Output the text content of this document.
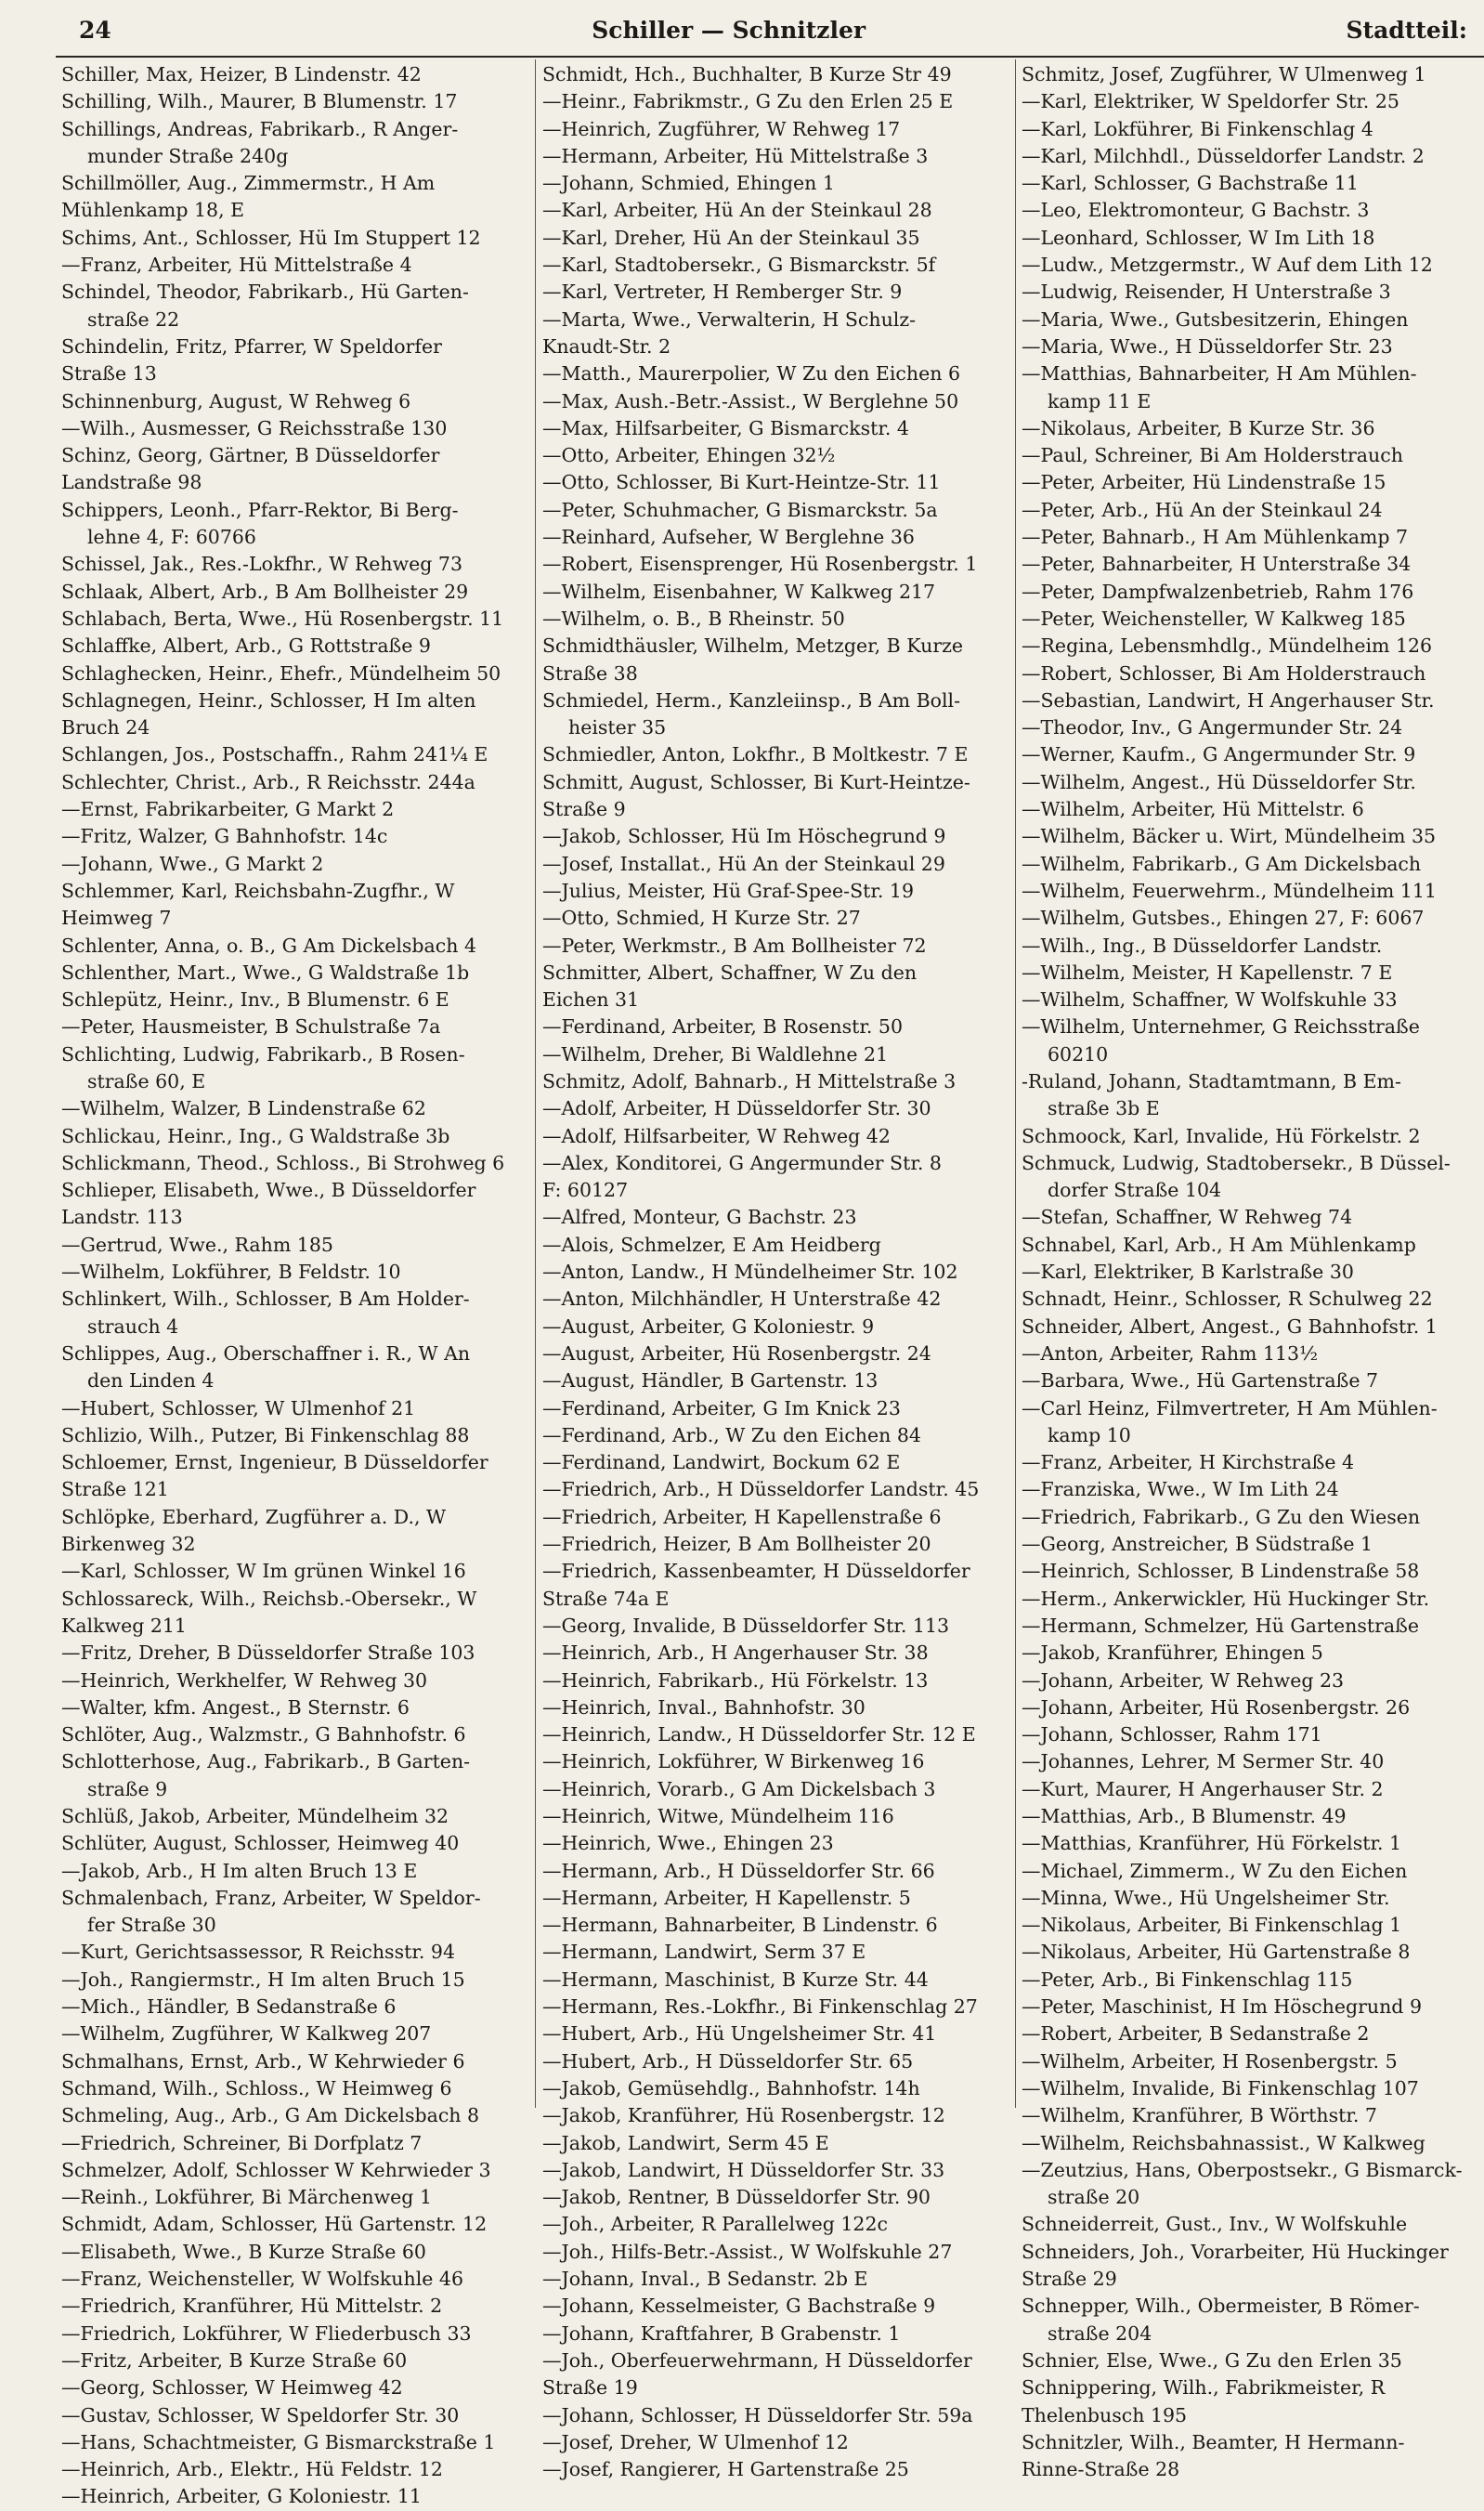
24	Schiller — Schnitzler	Stadtteil:
Schiller, Max, Heizer, B Lindenstr. 42
Schilling, Wilh., Maurer, B Blumenstr. 17
Schillings, Andreas, Fabrikarb., R Anger-
munder Straße 240g
Schillmöller, Aug., Zimmermstr., H Am
Mühlenkamp 18, E
Schims, Ant., Schlosser, Hü Im Stuppert 12
—Franz, Arbeiter, Hü Mittelstraße 4
Schindel, Theodor, Fabrikarb., Hü Garten-
straße 22
Schindelin, Fritz, Pfarrer, W Speldorfer
Straße 13
Schinnenburg, August, W Rehweg 6
—Wilh., Ausmesser, G Reichsstraße 130
Schinz, Georg, Gärtner, B Düsseldorfer
Landstraße 98
Schippers, Leonh., Pfarr-Rektor, Bi Berg-
lehne 4, F: 60766
Schissel, Jak., Res.-Lokfhr., W Rehweg 73
Schlaak, Albert, Arb., B Am Bollheister 29
Schlabach, Berta, Wwe., Hü Rosenbergstr. 11
Schlaffke, Albert, Arb., G Rottstraße 9
Schlaghecken, Heinr., Ehefr., Mündelheim 50
Schlagnegen, Heinr., Schlosser, H Im alten
Bruch 24
Schlangen, Jos., Postschaffn., Rahm 241¼ E
Schlechter, Christ., Arb., R Reichsstr. 244a
—Ernst, Fabrikarbeiter, G Markt 2
—Fritz, Walzer, G Bahnhofstr. 14c
—Johann, Wwe., G Markt 2
Schlemmer, Karl, Reichsbahn-Zugfhr., W
Heimweg 7
Schlenter, Anna, o. B., G Am Dickelsbach 4
Schlenther, Mart., Wwe., G Waldstraße 1b
Schlepütz, Heinr., Inv., B Blumenstr. 6 E
—Peter, Hausmeister, B Schulstraße 7a
Schlichting, Ludwig, Fabrikarb., B Rosen-
straße 60, E
—Wilhelm, Walzer, B Lindenstraße 62
Schlickau, Heinr., Ing., G Waldstraße 3b
Schlickmann, Theod., Schloss., Bi Strohweg 6
Schlieper, Elisabeth, Wwe., B Düsseldorfer
Landstr. 113
—Gertrud, Wwe., Rahm 185
—Wilhelm, Lokführer, B Feldstr. 10
Schlinkert, Wilh., Schlosser, B Am Holder-
strauch 4
Schlippes, Aug., Oberschaffner i. R., W An
den Linden 4
—Hubert, Schlosser, W Ulmenhof 21
Schlizio, Wilh., Putzer, Bi Finkenschlag 88
Schloemer, Ernst, Ingenieur, B Düsseldorfer
Straße 121
Schlöpke, Eberhard, Zugführer a. D., W
Birkenweg 32
—Karl, Schlosser, W Im grünen Winkel 16
Schlossareck, Wilh., Reichsb.-Obersekr., W
Kalkweg 211
—Fritz, Dreher, B Düsseldorfer Straße 103
—Heinrich, Werkhelfer, W Rehweg 30
—Walter, kfm. Angest., B Sternstr. 6
Schlöter, Aug., Walzmstr., G Bahnhofstr. 6
Schlotterhose, Aug., Fabrikarb., B Garten-
straße 9
Schlüß, Jakob, Arbeiter, Mündelheim 32
Schlüter, August, Schlosser, Heimweg 40
—Jakob, Arb., H Im alten Bruch 13 E
Schmalenbach, Franz, Arbeiter, W Speldor-
fer Straße 30
—Kurt, Gerichtsassessor, R Reichsstr. 94
—Joh., Rangiermstr., H Im alten Bruch 15
—Mich., Händler, B Sedanstraße 6
—Wilhelm, Zugführer, W Kalkweg 207
Schmalhans, Ernst, Arb., W Kehrwieder 6
Schmand, Wilh., Schloss., W Heimweg 6
Schmeling, Aug., Arb., G Am Dickelsbach 8
—Friedrich, Schreiner, Bi Dorfplatz 7
Schmelzer, Adolf, Schlosser W Kehrwieder 3
—Reinh., Lokführer, Bi Märchenweg 1
Schmidt, Adam, Schlosser, Hü Gartenstr. 12
—Elisabeth, Wwe., B Kurze Straße 60
—Franz, Weichensteller, W Wolfskuhle 46
—Friedrich, Kranführer, Hü Mittelstr. 2
—Friedrich, Lokführer, W Fliederbusch 33
—Fritz, Arbeiter, B Kurze Straße 60
—Georg, Schlosser, W Heimweg 42
—Gustav, Schlosser, W Speldorfer Str. 30
—Hans, Schachtmeister, G Bismarckstraße 1
—Heinrich, Arb., Elektr., Hü Feldstr. 12
—Heinrich, Arbeiter, G Koloniestr. 11
Schmidt, Hch., Buchhalter, B Kurze Str 49
—Heinr., Fabrikmstr., G Zu den Erlen 25 E
—Heinrich, Zugführer, W Rehweg 17
—Hermann, Arbeiter, Hü Mittelstraße 3
—Johann, Schmied, Ehingen 1
—Karl, Arbeiter, Hü An der Steinkaul 28
—Karl, Dreher, Hü An der Steinkaul 35
—Karl, Stadtobersekr., G Bismarckstr. 5f
—Karl, Vertreter, H Remberger Str. 9
—Marta, Wwe., Verwalterin, H Schulz-
Knaudt-Str. 2
—Matth., Maurerpolier, W Zu den Eichen 6
—Max, Aush.-Betr.-Assist., W Berglehne 50
—Max, Hilfsarbeiter, G Bismarckstr. 4
—Otto, Arbeiter, Ehingen 32½
—Otto, Schlosser, Bi Kurt-Heintze-Str. 11
—Peter, Schuhmacher, G Bismarckstr. 5a
—Reinhard, Aufseher, W Berglehne 36
—Robert, Eisensprenger, Hü Rosenbergstr. 1
—Wilhelm, Eisenbahner, W Kalkweg 217
—Wilhelm, o. B., B Rheinstr. 50
Schmidthäusler, Wilhelm, Metzger, B Kurze
Straße 38
Schmiedel, Herm., Kanzleiinsp., B Am Boll-
heister 35
Schmiedler, Anton, Lokfhr., B Moltkestr. 7 E
Schmitt, August, Schlosser, Bi Kurt-Heintze-
Straße 9
—Jakob, Schlosser, Hü Im Höschegrund 9
—Josef, Installat., Hü An der Steinkaul 29
—Julius, Meister, Hü Graf-Spee-Str. 19
—Otto, Schmied, H Kurze Str. 27
—Peter, Werkmstr., B Am Bollheister 72
Schmitter, Albert, Schaffner, W Zu den
Eichen 31
—Ferdinand, Arbeiter, B Rosenstr. 50
—Wilhelm, Dreher, Bi Waldlehne 21
Schmitz, Adolf, Bahnarb., H Mittelstraße 3
—Adolf, Arbeiter, H Düsseldorfer Str. 30
—Adolf, Hilfsarbeiter, W Rehweg 42
—Alex, Konditorei, G Angermunder Str. 8
F: 60127
—Alfred, Monteur, G Bachstr. 23
—Alois, Schmelzer, E Am Heidberg
—Anton, Landw., H Mündelheimer Str. 102
—Anton, Milchhändler, H Unterstraße 42
—August, Arbeiter, G Koloniestr. 9
—August, Arbeiter, Hü Rosenbergstr. 24
—August, Händler, B Gartenstr. 13
—Ferdinand, Arbeiter, G Im Knick 23
—Ferdinand, Arb., W Zu den Eichen 84
—Ferdinand, Landwirt, Bockum 62 E
—Friedrich, Arb., H Düsseldorfer Landstr. 45
—Friedrich, Arbeiter, H Kapellenstraße 6
—Friedrich, Heizer, B Am Bollheister 20
—Friedrich, Kassenbeamter, H Düsseldorfer
Straße 74a E
—Georg, Invalide, B Düsseldorfer Str. 113
—Heinrich, Arb., H Angerhauser Str. 38
—Heinrich, Fabrikarb., Hü Förkelstr. 13
—Heinrich, Inval., Bahnhofstr. 30
—Heinrich, Landw., H Düsseldorfer Str. 12 E
—Heinrich, Lokführer, W Birkenweg 16
—Heinrich, Vorarb., G Am Dickelsbach 3
—Heinrich, Witwe, Mündelheim 116
—Heinrich, Wwe., Ehingen 23
—Hermann, Arb., H Düsseldorfer Str. 66
—Hermann, Arbeiter, H Kapellenstr. 5
—Hermann, Bahnarbeiter, B Lindenstr. 6
—Hermann, Landwirt, Serm 37 E
—Hermann, Maschinist, B Kurze Str. 44
—Hermann, Res.-Lokfhr., Bi Finkenschlag 27
—Hubert, Arb., Hü Ungelsheimer Str. 41
—Hubert, Arb., H Düsseldorfer Str. 65
—Jakob, Gemüsehdlg., Bahnhofstr. 14h
—Jakob, Kranführer, Hü Rosenbergstr. 12
—Jakob, Landwirt, Serm 45 E
—Jakob, Landwirt, H Düsseldorfer Str. 33
—Jakob, Rentner, B Düsseldorfer Str. 90
—Joh., Arbeiter, R Parallelweg 122c
—Joh., Hilfs-Betr.-Assist., W Wolfskuhle 27
—Johann, Inval., B Sedanstr. 2b E
—Johann, Kesselmeister, G Bachstraße 9
—Johann, Kraftfahrer, B Grabenstr. 1
—Joh., Oberfeuerwehrmann, H Düsseldorfer
Straße 19
—Johann, Schlosser, H Düsseldorfer Str. 59a
—Josef, Dreher, W Ulmenhof 12
—Josef, Rangierer, H Gartenstraße 25
Schmitz, Josef, Zugführer, W Ulmenweg 1
—Karl, Elektriker, W Speldorfer Str. 25
—Karl, Lokführer, Bi Finkenschlag 4
—Karl, Milchhdl., Düsseldorfer Landstr. 2
—Karl, Schlosser, G Bachstraße 11
—Leo, Elektromonteur, G Bachstr. 3
—Leonhard, Schlosser, W Im Lith 18
—Ludw., Metzgermstr., W Auf dem Lith 12
—Ludwig, Reisender, H Unterstraße 3
—Maria, Wwe., Gutsbesitzerin, Ehingen
—Maria, Wwe., H Düsseldorfer Str. 23
—Matthias, Bahnarbeiter, H Am Mühlen-
kamp 11 E
—Nikolaus, Arbeiter, B Kurze Str. 36
—Paul, Schreiner, Bi Am Holderstrauch
—Peter, Arbeiter, Hü Lindenstraße 15
—Peter, Arb., Hü An der Steinkaul 24
—Peter, Bahnarb., H Am Mühlenkamp 7
—Peter, Bahnarbeiter, H Unterstraße 34
—Peter, Dampfwalzenbetrieb, Rahm 176
—Peter, Weichensteller, W Kalkweg 185
—Regina, Lebensmhdlg., Mündelheim 126
—Robert, Schlosser, Bi Am Holderstrauch
—Sebastian, Landwirt, H Angerhauser Str.
—Theodor, Inv., G Angermunder Str. 24
—Werner, Kaufm., G Angermunder Str. 9
—Wilhelm, Angest., Hü Düsseldorfer Str.
—Wilhelm, Arbeiter, Hü Mittelstr. 6
—Wilhelm, Bäcker u. Wirt, Mündelheim 35
—Wilhelm, Fabrikarb., G Am Dickelsbach
—Wilhelm, Feuerwehrm., Mündelheim 111
—Wilhelm, Gutsbes., Ehingen 27, F: 6067
—Wilh., Ing., B Düsseldorfer Landstr.
—Wilhelm, Meister, H Kapellenstr. 7 E
—Wilhelm, Schaffner, W Wolfskuhle 33
—Wilhelm, Unternehmer, G Reichsstraße
60210
-Ruland, Johann, Stadtamtmann, B Em-
straße 3b E
Schmoock, Karl, Invalide, Hü Förkelstr. 2
Schmuck, Ludwig, Stadtobersekr., B Düssel-
dorfer Straße 104
—Stefan, Schaffner, W Rehweg 74
Schnabel, Karl, Arb., H Am Mühlenkamp
—Karl, Elektriker, B Karlstraße 30
Schnadt, Heinr., Schlosser, R Schulweg 22
Schneider, Albert, Angest., G Bahnhofstr. 1
—Anton, Arbeiter, Rahm 113½
—Barbara, Wwe., Hü Gartenstraße 7
—Carl Heinz, Filmvertreter, H Am Mühlen-
kamp 10
—Franz, Arbeiter, H Kirchstraße 4
—Franziska, Wwe., W Im Lith 24
—Friedrich, Fabrikarb., G Zu den Wiesen
—Georg, Anstreicher, B Südstraße 1
—Heinrich, Schlosser, B Lindenstraße 58
—Herm., Ankerwickler, Hü Huckinger Str.
—Hermann, Schmelzer, Hü Gartenstraße
—Jakob, Kranführer, Ehingen 5
—Johann, Arbeiter, W Rehweg 23
—Johann, Arbeiter, Hü Rosenbergstr. 26
—Johann, Schlosser, Rahm 171
—Johannes, Lehrer, M Sermer Str. 40
—Kurt, Maurer, H Angerhauser Str. 2
—Matthias, Arb., B Blumenstr. 49
—Matthias, Kranführer, Hü Förkelstr. 1
—Michael, Zimmerm., W Zu den Eichen
—Minna, Wwe., Hü Ungelsheimer Str.
—Nikolaus, Arbeiter, Bi Finkenschlag 1
—Nikolaus, Arbeiter, Hü Gartenstraße 8
—Peter, Arb., Bi Finkenschlag 115
—Peter, Maschinist, H Im Höschegrund 9
—Robert, Arbeiter, B Sedanstraße 2
—Wilhelm, Arbeiter, H Rosenbergstr. 5
—Wilhelm, Invalide, Bi Finkenschlag 107
—Wilhelm, Kranführer, B Wörthstr. 7
—Wilhelm, Reichsbahnassist., W Kalkweg
—Zeutzius, Hans, Oberpostsekr., G Bismarck-
straße 20
Schneiderreit, Gust., Inv., W Wolfskuhle
Schneiders, Joh., Vorarbeiter, Hü Huckinger
Straße 29
Schnepper, Wilh., Obermeister, B Römer-
straße 204
Schnier, Else, Wwe., G Zu den Erlen 35
Schnippering, Wilh., Fabrikmeister, R
Thelenbusch 195
Schnitzler, Wilh., Beamter, H Hermann-
Rinne-Straße 28
